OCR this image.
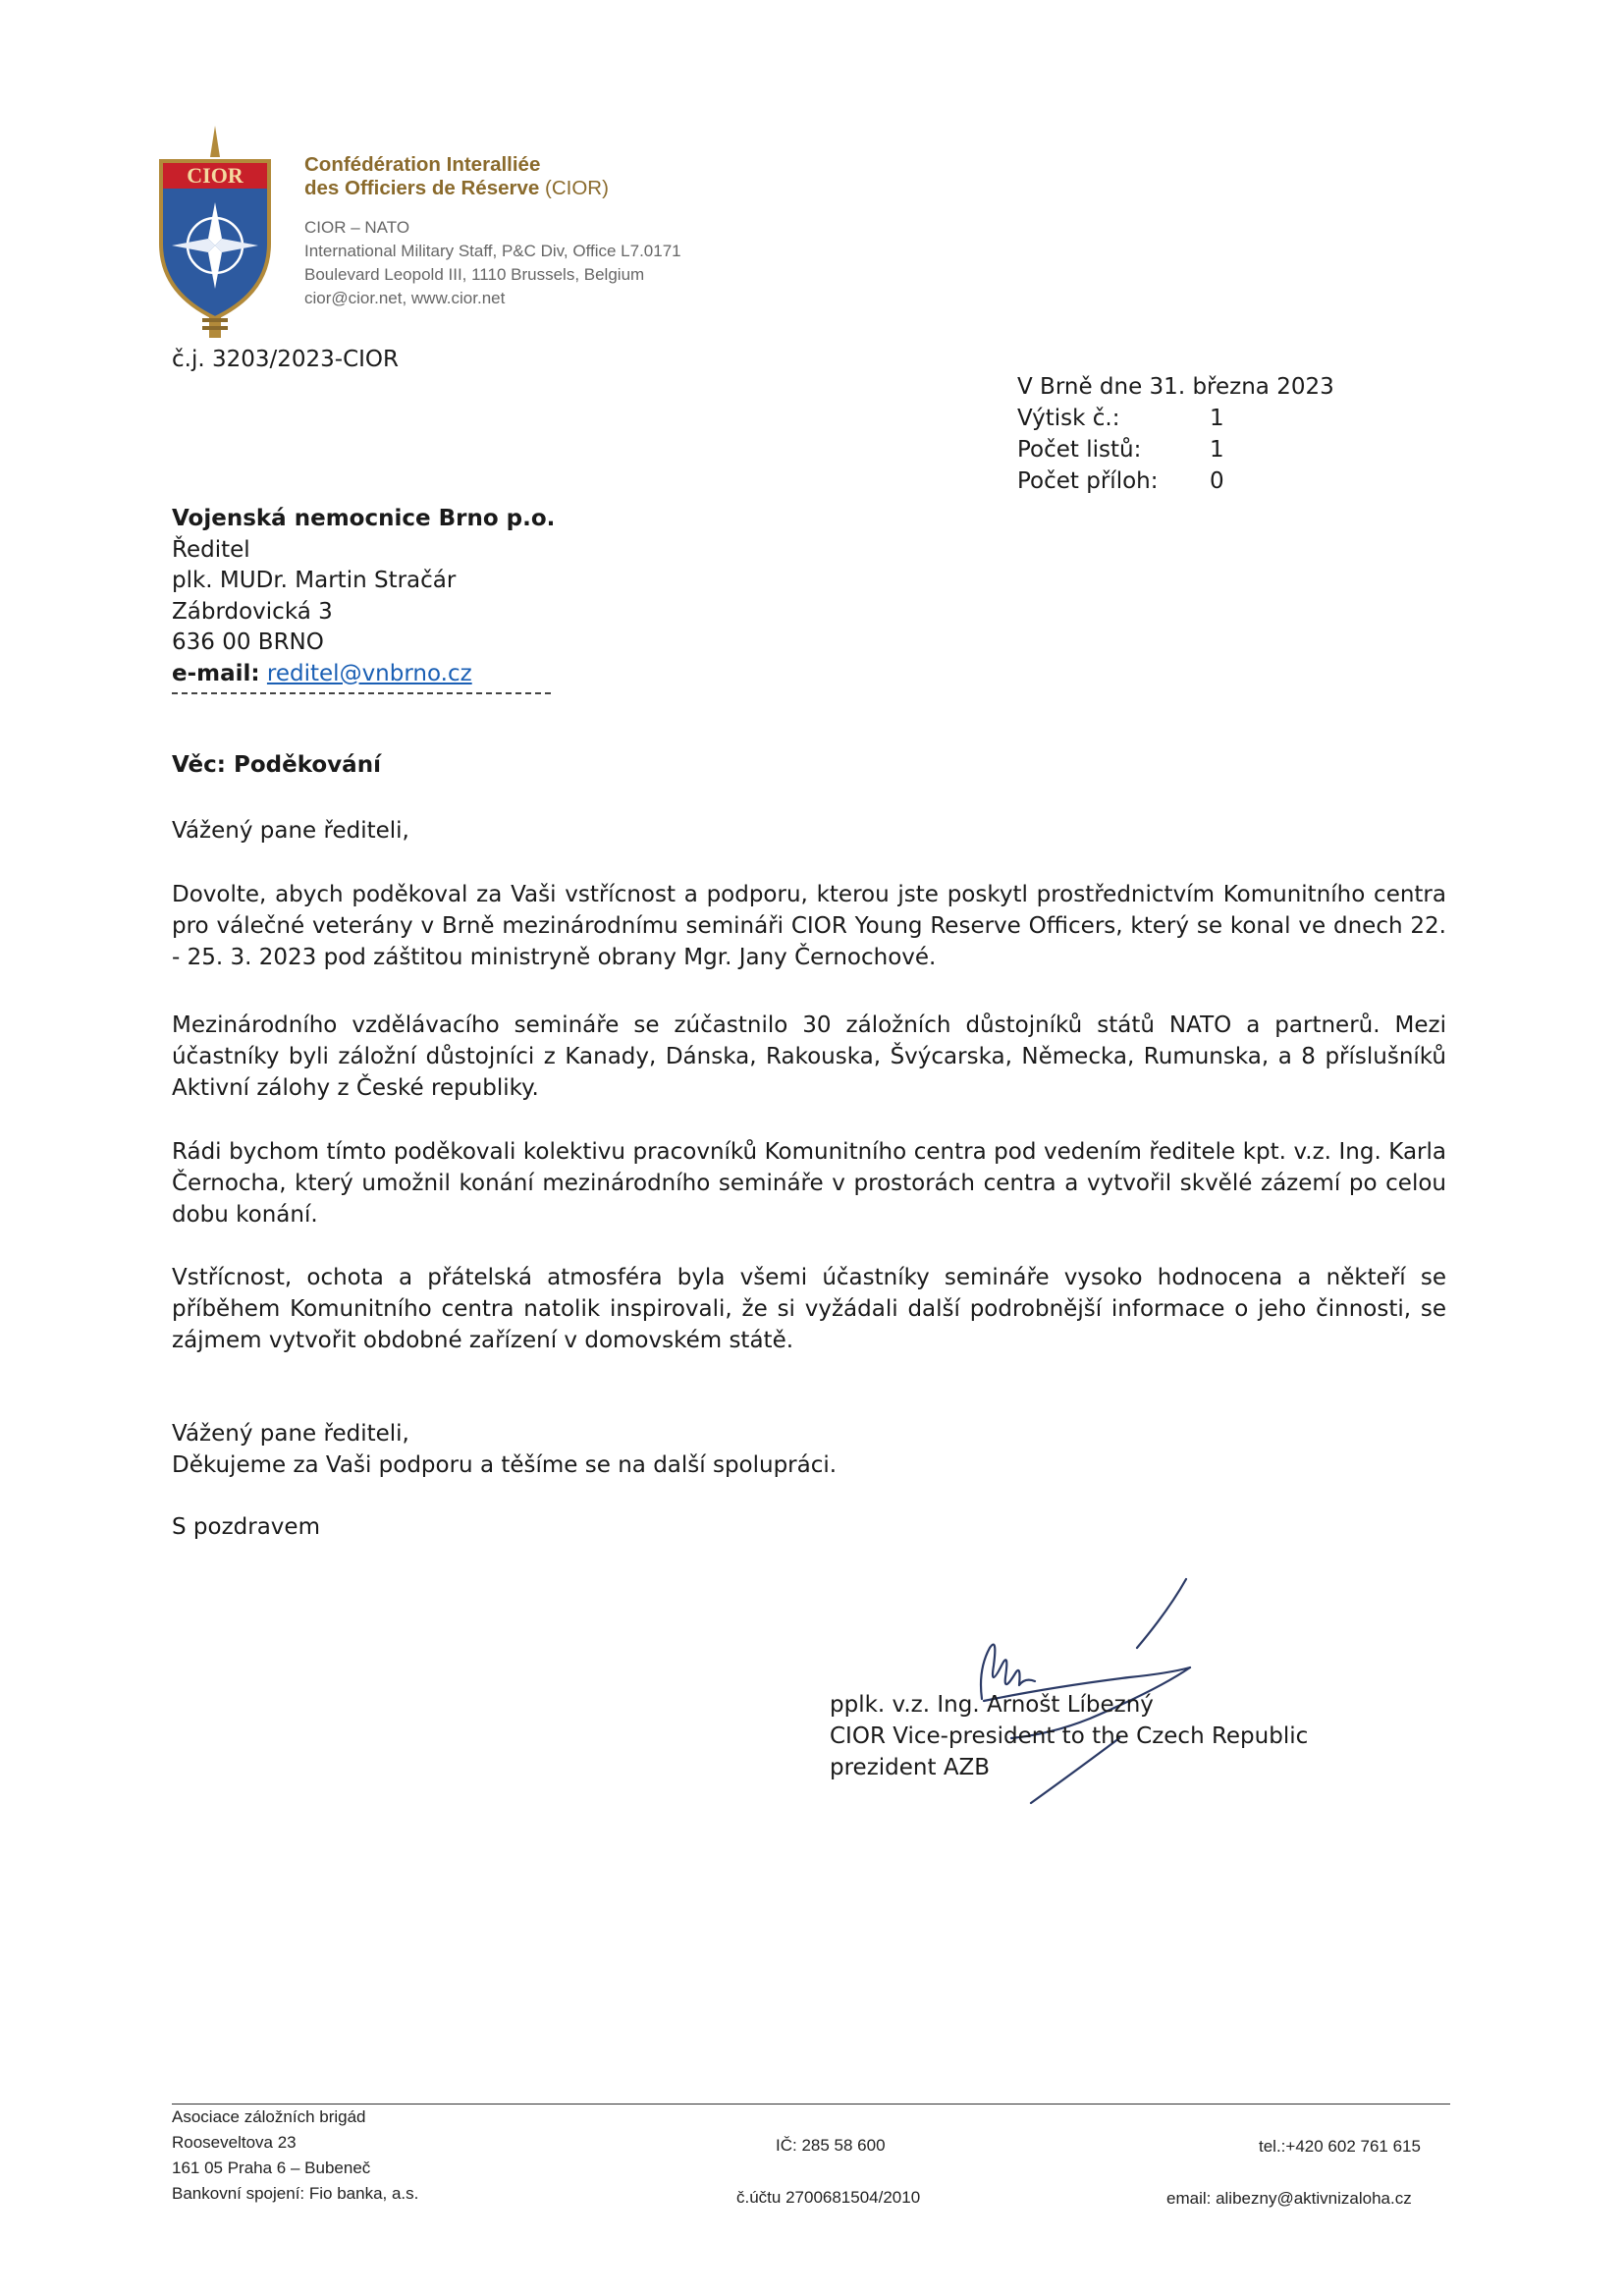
CIOR	Confédération Interalliée
des Officiers de Réserve (CIOR)
CIOR – NATO
International Military Staff, P&C Div, Office L7.0171
Boulevard Leopold III, 1110 Brussels, Belgium
cior@cior.net, www.cior.net
č.j. 3203/2023-CIOR
V Brně dne 31. března 2023
Výtisk č.:	1
Počet listů:	1
Počet příloh:	0
Vojenská nemocnice Brno p.o.
Ředitel
plk. MUDr. Martin Stračár
Zábrdovická 3
636 00 BRNO
e-mail: reditel@vnbrno.cz
Věc: Poděkování
Vážený pane řediteli,
Dovolte, abych poděkoval za Vaši vstřícnost a podporu, kterou jste poskytl prostřednictvím Komunitního centra pro válečné veterány v Brně mezinárodnímu semináři CIOR Young Reserve Officers, který se konal ve dnech 22. - 25. 3. 2023 pod záštitou ministryně obrany Mgr. Jany Černochové.
Mezinárodního vzdělávacího semináře se zúčastnilo 30 záložních důstojníků států NATO a partnerů. Mezi účastníky byli záložní důstojníci z Kanady, Dánska, Rakouska, Švýcarska, Německa, Rumunska, a 8 příslušníků Aktivní zálohy z České republiky.
Rádi bychom tímto poděkovali kolektivu pracovníků Komunitního centra pod vedením ředitele kpt. v.z. Ing. Karla Černocha, který umožnil konání mezinárodního semináře v prostorách centra a vytvořil skvělé zázemí po celou dobu konání.
Vstřícnost, ochota a přátelská atmosféra byla všemi účastníky semináře vysoko hodnocena a někteří se příběhem Komunitního centra natolik inspirovali, že si vyžádali další podrobnější informace o jeho činnosti, se zájmem vytvořit obdobné zařízení v domovském státě.
Vážený pane řediteli,
Děkujeme za Vaši podporu a těšíme se na další spolupráci.
S pozdravem
pplk. v.z. Ing. Arnošt Líbezný
CIOR Vice-president to the Czech Republic
prezident AZB
Asociace záložních brigád
Rooseveltova 23
161 05 Praha 6 – Bubeneč
Bankovní spojení: Fio banka, a.s.
IČ: 285 58 600
č.účtu 2700681504/2010
tel.:+420 602 761 615
email: alibezny@aktivnizaloha.cz
